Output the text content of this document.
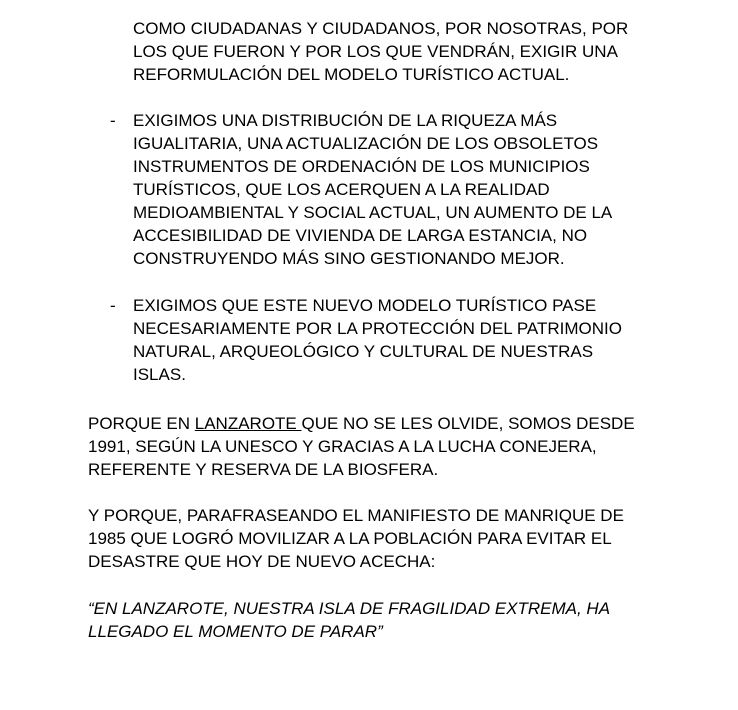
COMO CIUDADANAS Y CIUDADANOS, POR NOSOTRAS, POR
LOS QUE FUERON Y POR LOS QUE VENDRÁN, EXIGIR UNA
REFORMULACIÓN DEL MODELO TURÍSTICO ACTUAL.

-	EXIGIMOS UNA DISTRIBUCIÓN DE LA RIQUEZA MÁS
IGUALITARIA, UNA ACTUALIZACIÓN DE LOS OBSOLETOS
INSTRUMENTOS DE ORDENACIÓN DE LOS MUNICIPIOS
TURÍSTICOS, QUE LOS ACERQUEN A LA REALIDAD
MEDIOAMBIENTAL Y SOCIAL ACTUAL, UN AUMENTO DE LA
ACCESIBILIDAD DE VIVIENDA DE LARGA ESTANCIA, NO
CONSTRUYENDO MÁS SINO GESTIONANDO MEJOR.
-	EXIGIMOS QUE ESTE NUEVO MODELO TURÍSTICO PASE
NECESARIAMENTE POR LA PROTECCIÓN DEL PATRIMONIO
NATURAL, ARQUEOLÓGICO Y CULTURAL DE NUESTRAS
ISLAS.

PORQUE EN LANZAROTE QUE NO SE LES OLVIDE, SOMOS DESDE
1991, SEGÚN LA UNESCO Y GRACIAS A LA LUCHA CONEJERA,
REFERENTE Y RESERVA DE LA BIOSFERA.

Y PORQUE, PARAFRASEANDO EL MANIFIESTO DE MANRIQUE DE
1985 QUE LOGRÓ MOVILIZAR A LA POBLACIÓN PARA EVITAR EL
DESASTRE QUE HOY DE NUEVO ACECHA:

“EN LANZAROTE, NUESTRA ISLA DE FRAGILIDAD EXTREMA, HA
LLEGADO EL MOMENTO DE PARAR”
